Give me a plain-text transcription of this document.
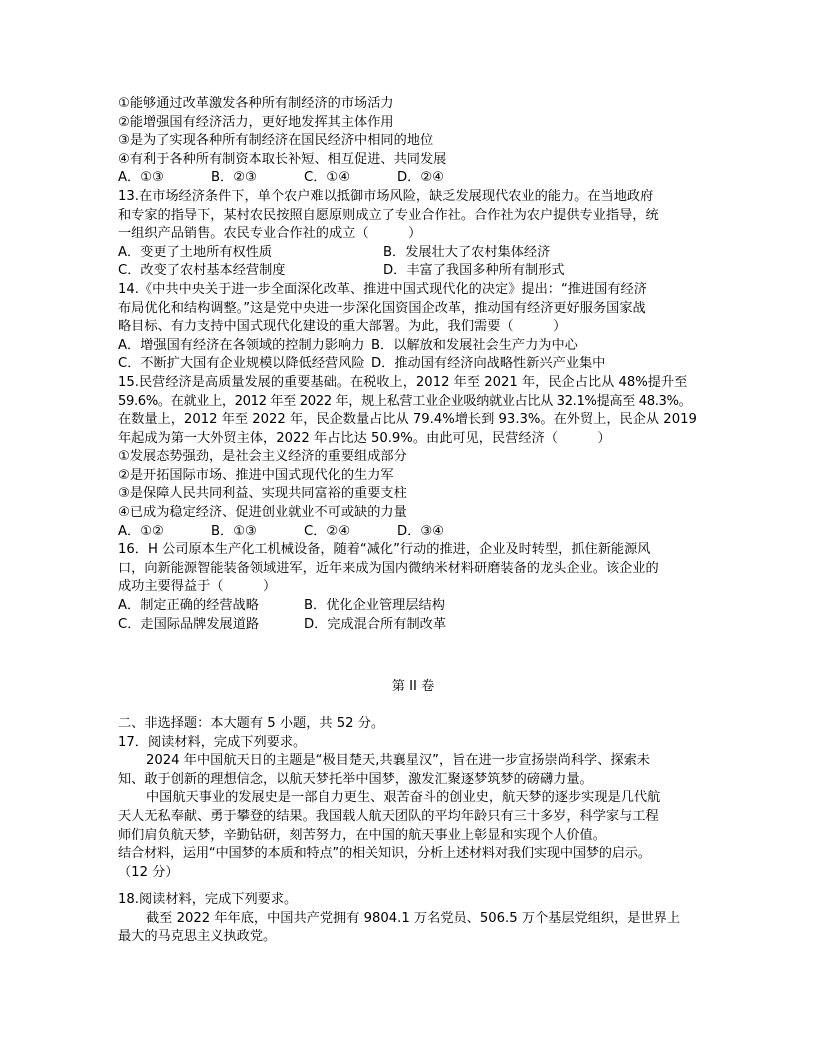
①能够通过改革激发各种所有制经济的市场活力
②能增强国有经济活力，更好地发挥其主体作用
③是为了实现各种所有制经济在国民经济中相同的地位
④有利于各种所有制资本取长补短、相互促进、共同发展
A．①③	B．②③	C．①④	D．②④
13.在市场经济条件下，单个农户难以抵御市场风险，缺乏发展现代农业的能力。在当地政府
和专家的指导下，某村农民按照自愿原则成立了专业合作社。合作社为农户提供专业指导，统
一组织产品销售。农民专业合作社的成立（　　　）
A．变更了土地所有权性质	B．发展壮大了农村集体经济
C．改变了农村基本经营制度	D．丰富了我国多种所有制形式
14.《中共中央关于进一步全面深化改革、推进中国式现代化的决定》提出：“推进国有经济
布局优化和结构调整。”这是党中央进一步深化国资国企改革，推动国有经济更好服务国家战
略目标、有力支持中国式现代化建设的重大部署。为此，我们需要（　　　）
A．增强国有经济在各领域的控制力影响力 B．以解放和发展社会生产力为中心
C．不断扩大国有企业规模以降低经营风险 D．推动国有经济向战略性新兴产业集中
15.民营经济是高质量发展的重要基础。在税收上，2012 年至 2021 年，民企占比从 48%提升至
59.6%。在就业上，2012 年至 2022 年，规上私营工业企业吸纳就业占比从 32.1%提高至 48.3%。
在数量上，2012 年至 2022 年，民企数量占比从 79.4%增长到 93.3%。在外贸上，民企从 2019
年起成为第一大外贸主体，2022 年占比达 50.9%。由此可见，民营经济（　　　）
①发展态势强劲，是社会主义经济的重要组成部分
②是开拓国际市场、推进中国式现代化的生力军
③是保障人民共同利益、实现共同富裕的重要支柱
④已成为稳定经济、促进创业就业不可或缺的力量
A．①②	B．①③	C．②④	D．③④
16．H 公司原本生产化工机械设备，随着“减化”行动的推进，企业及时转型，抓住新能源风
口，向新能源智能装备领域进军，近年来成为国内微纳米材料研磨装备的龙头企业。该企业的
成功主要得益于（　　　）
A．制定正确的经营战略	B．优化企业管理层结构
C．走国际品牌发展道路	D．完成混合所有制改革
第 II 卷
二、非选择题：本大题有 5 小题，共 52 分。
17．阅读材料，完成下列要求。
2024 年中国航天日的主题是“极目楚天,共襄星汉”，旨在进一步宣扬崇尚科学、探索未
知、敢于创新的理想信念，以航天梦托举中国梦，激发汇聚逐梦筑梦的磅礴力量。
中国航天事业的发展史是一部自力更生、艰苦奋斗的创业史，航天梦的逐步实现是几代航
天人无私奉献、勇于攀登的结果。我国载人航天团队的平均年龄只有三十多岁，科学家与工程
师们肩负航天梦，辛勤钻研，刻苦努力，在中国的航天事业上彰显和实现个人价值。
结合材料，运用“中国梦的本质和特点”的相关知识，分析上述材料对我们实现中国梦的启示。
（12 分）
18.阅读材料，完成下列要求。
截至 2022 年年底，中国共产党拥有 9804.1 万名党员、506.5 万个基层党组织，是世界上
最大的马克思主义执政党。
